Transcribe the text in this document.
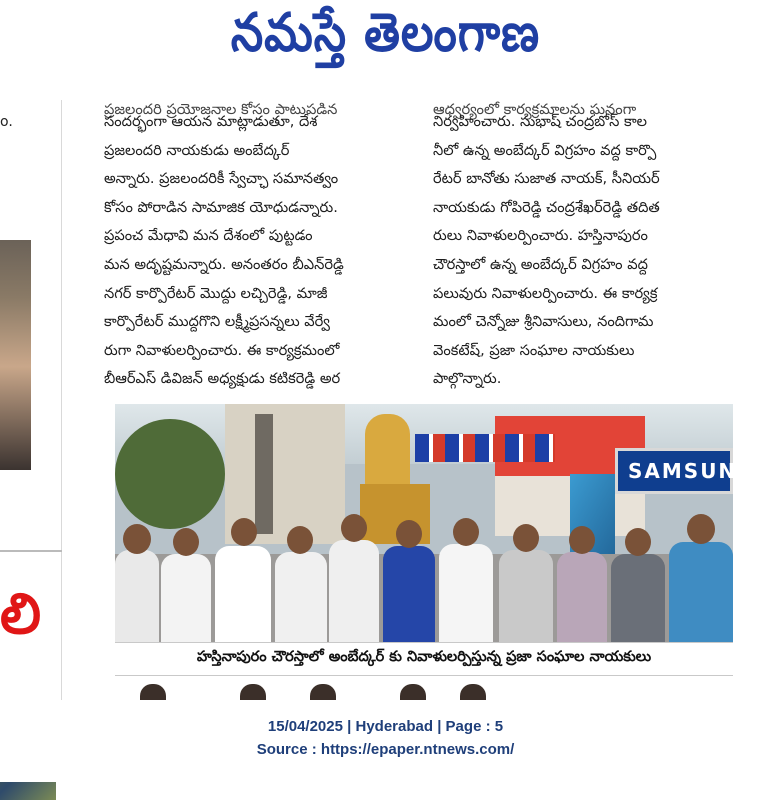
నమస్తే తెలంగాణ
o.
లి
ప్రజలందరి ప్రయోజనాల కోసం పాటుపడిన
సందర్భంగా ఆయన మాట్లాడుతూ, దేశ
ప్రజలందరి నాయకుడు అంబేద్కర్
అన్నారు. ప్రజలందరికీ స్వేచ్ఛా సమానత్వం
కోసం పోరాడిన సామాజిక యోధుడన్నారు.
ప్రపంచ మేధావి మన దేశంలో పుట్టడం
మన అదృష్టమన్నారు. అనంతరం బీఎన్‌రెడ్డి
నగర్ కార్పొరేటర్ మొద్దు లచ్చిరెడ్డి, మాజీ
కార్పొరేటర్ ముద్దగొని లక్ష్మీప్రసన్నలు వేర్వే
రుగా నివాళులర్పించారు. ఈ కార్యక్రమంలో
బీఆర్‌ఎస్ డివిజన్ అధ్యక్షుడు కటికరెడ్డి అర
ఆధ్వర్యంలో కార్యక్రమాలను ఘనంగా
నిర్వహించారు. సుభాష్ చంద్రబోస్ కాల
నీలో ఉన్న అంబేద్కర్ విగ్రహం వద్ద కార్పొ
రేటర్ బానోతు సుజాత నాయక్, సీనియర్
నాయకుడు గోపిరెడ్డి చంద్రశేఖర్‌రెడ్డి తదిత
రులు నివాళులర్పించారు. హస్తినాపురం
చౌరస్తాలో ఉన్న అంబేద్కర్ విగ్రహం వద్ద
పలువురు నివాళులర్పించారు. ఈ కార్యక్ర
మంలో చెన్నోజు శ్రీనివాసులు, నందిగామ
వెంకటేష్, ప్రజా సంఘాల నాయకులు
పాల్గొన్నారు.
SAMSUNG
హస్తినాపురం చౌరస్తాలో అంబేద్కర్ కు నివాళులర్పిస్తున్న ప్రజా సంఘాల నాయకులు
15/04/2025 | Hyderabad | Page : 5
Source : https://epaper.ntnews.com/
